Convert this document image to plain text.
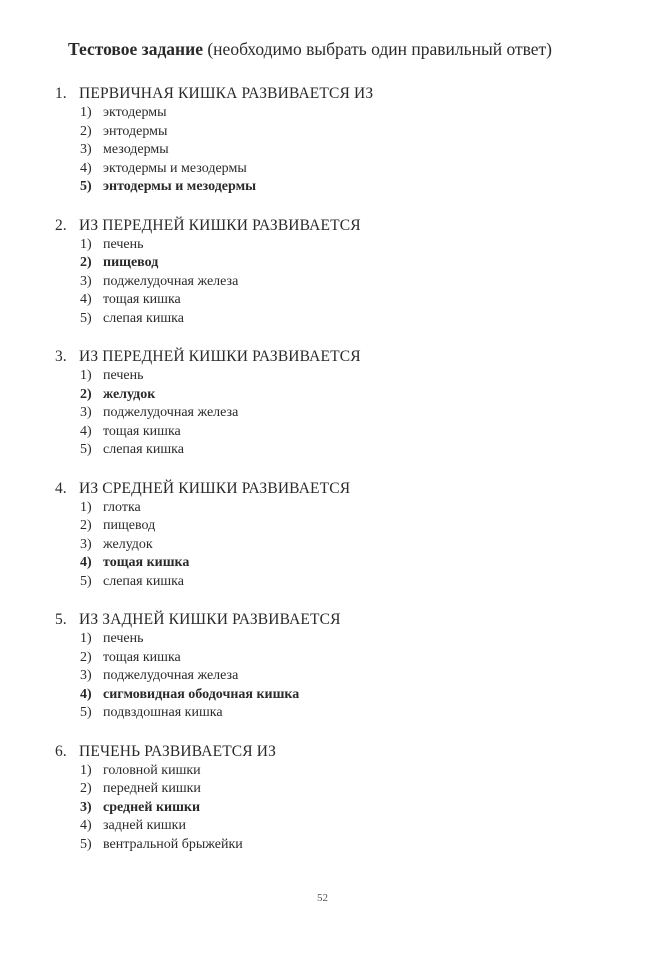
Тестовое задание (необходимо выбрать один правильный ответ)
1. ПЕРВИЧНАЯ КИШКА РАЗВИВАЕТСЯ ИЗ
1) эктодермы
2) энтодермы
3) мезодермы
4) эктодермы и мезодермы
5) энтодермы и мезодермы
2. ИЗ ПЕРЕДНЕЙ КИШКИ РАЗВИВАЕТСЯ
1) печень
2) пищевод
3) поджелудочная железа
4) тощая кишка
5) слепая кишка
3. ИЗ ПЕРЕДНЕЙ КИШКИ РАЗВИВАЕТСЯ
1) печень
2) желудок
3) поджелудочная железа
4) тощая кишка
5) слепая кишка
4. ИЗ СРЕДНЕЙ КИШКИ РАЗВИВАЕТСЯ
1) глотка
2) пищевод
3) желудок
4) тощая кишка
5) слепая кишка
5. ИЗ ЗАДНЕЙ КИШКИ РАЗВИВАЕТСЯ
1) печень
2) тощая кишка
3) поджелудочная железа
4) сигмовидная ободочная кишка
5) подвздошная кишка
6. ПЕЧЕНЬ РАЗВИВАЕТСЯ ИЗ
1) головной кишки
2) передней кишки
3) средней кишки
4) задней кишки
5) вентральной брыжейки
52
